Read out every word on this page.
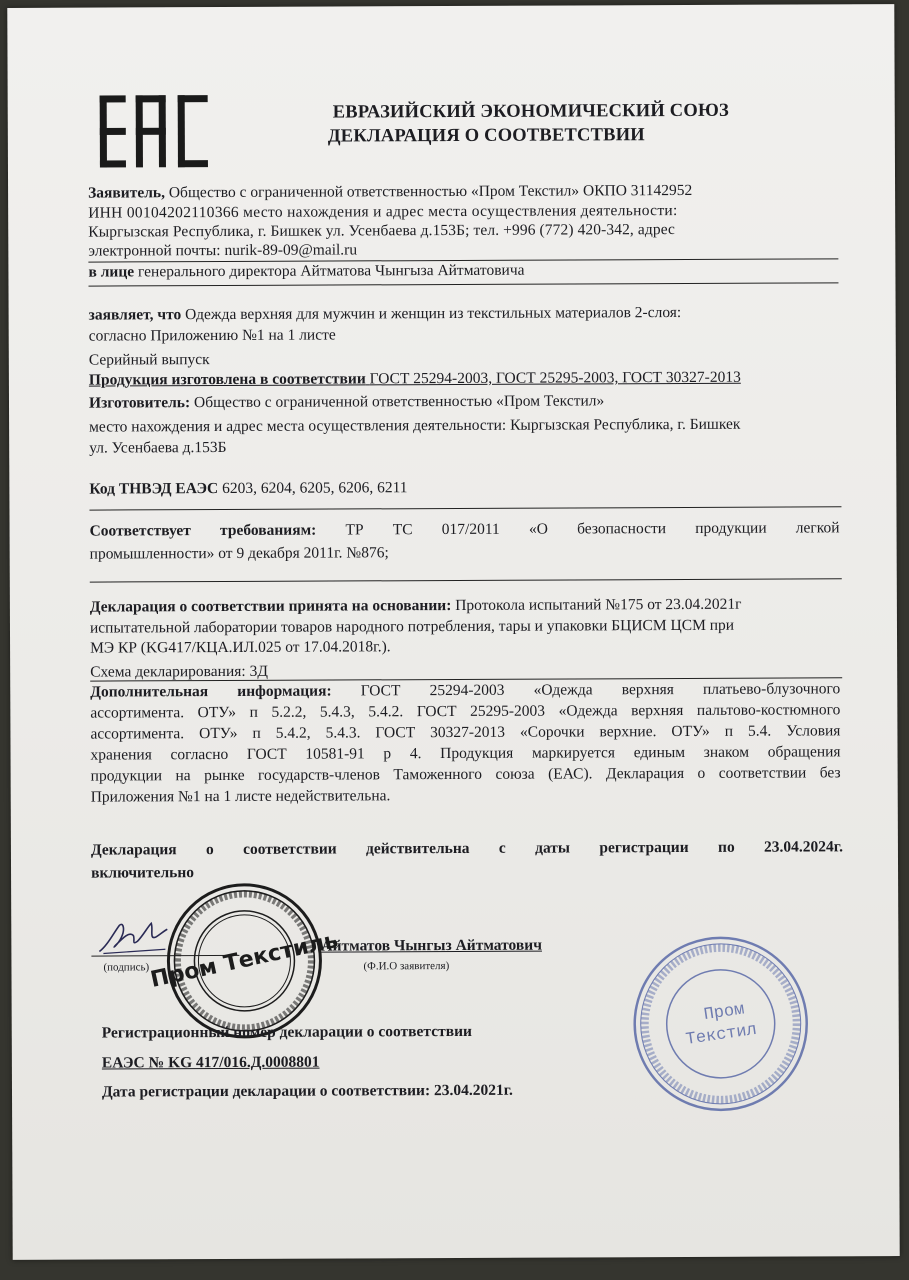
ЕВРАЗИЙСКИЙ ЭКОНОМИЧЕСКИЙ СОЮЗ
ДЕКЛАРАЦИЯ О СООТВЕТСТВИИ
Заявитель, Общество с ограниченной ответственностью «Пром Текстил» ОКПО 31142952
ИНН 00104202110366 место нахождения и адрес места осуществления деятельности:
Кыргызская Республика, г. Бишкек ул. Усенбаева д.153Б; тел. +996 (772) 420-342, адрес
электронной почты: nurik-89-09@mail.ru
в лице генерального директора Айтматова Чынгыза Айтматовича
заявляет, что Одежда верхняя для мужчин и женщин из текстильных материалов 2-слоя:
согласно Приложению №1 на 1 листе
Серийный выпуск
Продукция изготовлена в соответствии ГОСТ 25294-2003, ГОСТ 25295-2003, ГОСТ 30327-2013
Изготовитель: Общество с ограниченной ответственностью «Пром Текстил»
место нахождения и адрес места осуществления деятельности: Кыргызская Республика, г. Бишкек
ул. Усенбаева д.153Б
Код ТНВЭД ЕАЭС 6203, 6204, 6205, 6206, 6211
Соответствует требованиям: ТР ТС 017/2011 «О безопасности продукции легкой
промышленности» от 9 декабря 2011г. №876;
Декларация о соответствии принята на основании: Протокола испытаний №175 от 23.04.2021г
испытательной лаборатории товаров народного потребления, тары и упаковки БЦИСМ ЦСМ при
МЭ КР (KG417/КЦА.ИЛ.025 от 17.04.2018г.).
Схема декларирования: 3Д
Дополнительная информация: ГОСТ 25294-2003 «Одежда верхняя платьево-блузочного
ассортимента. ОТУ» п 5.2.2, 5.4.3, 5.4.2. ГОСТ 25295-2003 «Одежда верхняя пальтово-костюмного
ассортимента. ОТУ» п 5.4.2, 5.4.3. ГОСТ 30327-2013 «Сорочки верхние. ОТУ» п 5.4. Условия
хранения согласно ГОСТ 10581-91 р 4. Продукция маркируется единым знаком обращения
продукции на рынке государств-членов Таможенного союза (ЕАС). Декларация о соответствии без
Приложения №1 на 1 листе недействительна.
Декларация о соответствии действительна с даты регистрации по 23.04.2024г.
включительно
(подпись)
Айтматов Чынгыз Айтматович
(Ф.И.О заявителя)
Пром Текстиль
Регистрационный номер декларации о соответствии
ЕАЭС № KG 417/016.Д.0008801
Дата регистрации декларации о соответствии: 23.04.2021г.
Пром
Текстил
